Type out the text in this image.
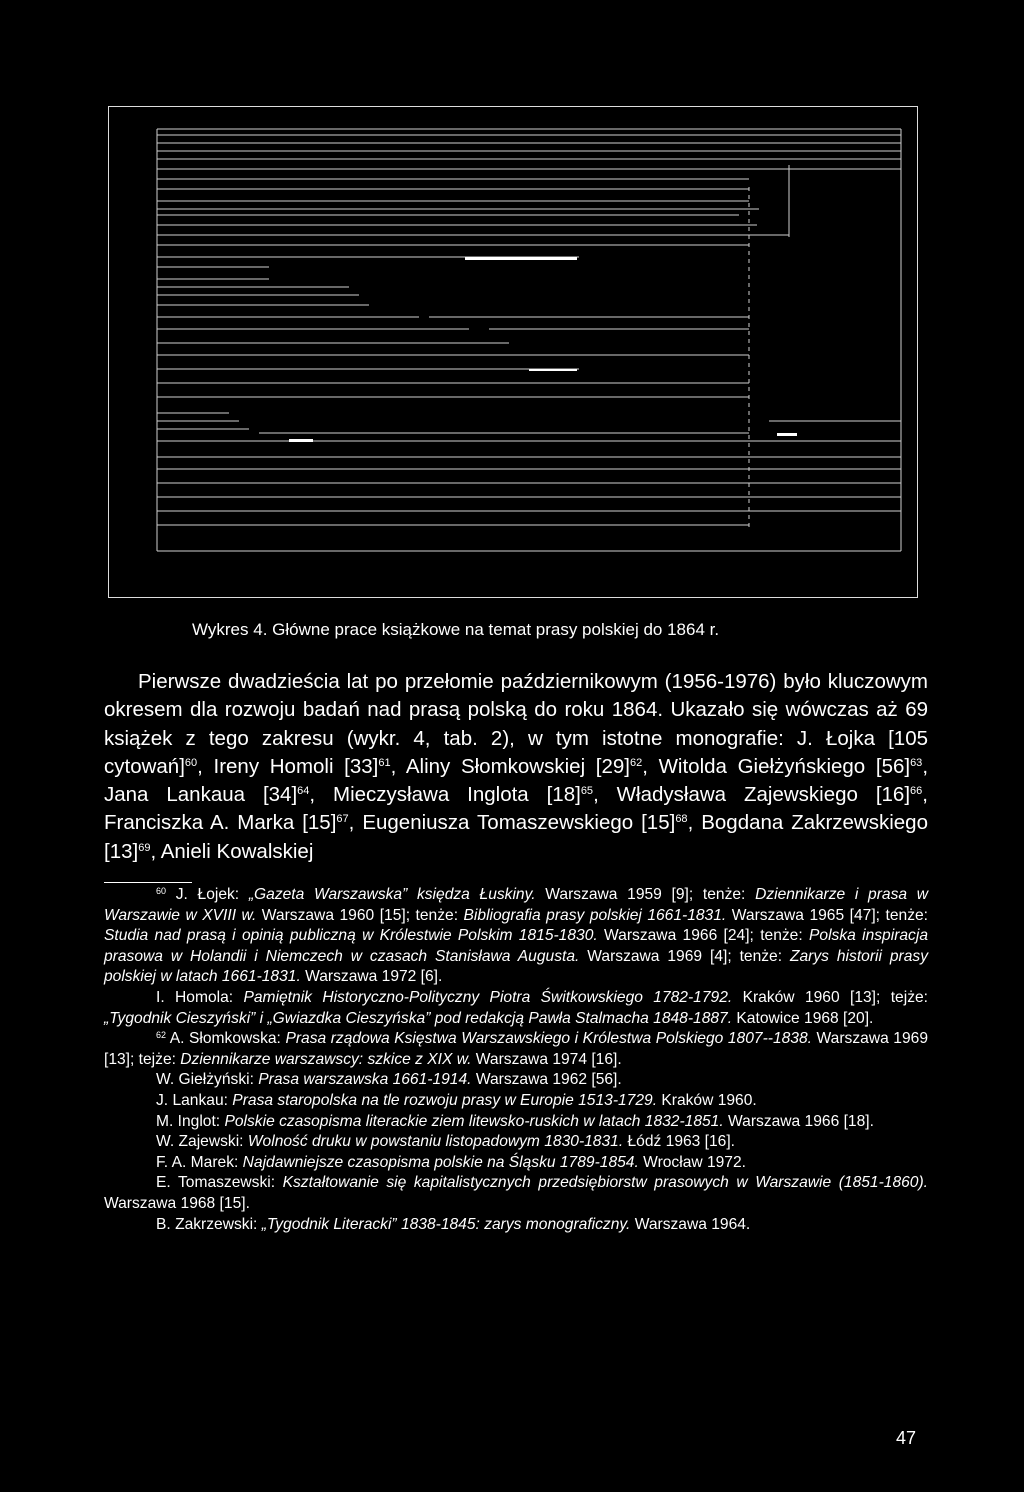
Wykres 4. Główne prace książkowe na temat prasy polskiej do 1864 r.

Pierwsze dwadzieścia lat po przełomie październikowym (1956-1976) było kluczowym okresem dla rozwoju badań nad prasą polską do roku 1864. Ukazało się wówczas aż 69 książek z tego zakresu (wykr. 4, tab. 2), w tym istotne monografie: J. Łojka [105 cytowań]$^{60}$, Ireny Homoli $[33]^{61}$, Aliny Słomkowskiej $[29]^{62}$, Witolda Giełżyńskiego $[56]^{63}$, Jana Lankaua $[34]^{64}$, Mieczysława Inglota $[18]^{65}$, Władysława Zajewskiego $[16]^{66}$, Franciszka A. Marka $[15]^{67}$, Eugeniusza Tomaszewskiego $[15]^{68}$, Bogdana Zakrzewskiego $[13]^{69}$, Anieli Kowalskiej

$^{60}$ J. Łojek: „Gazeta Warszawska” księdza Łuskiny. Warszawa 1959 [9]; tenże: Dziennikarze i prasa w Warszawie w XVIII w. Warszawa 1960 [15]; tenże: Bibliografia prasy polskiej 1661-1831. Warszawa 1965 [47]; tenże: Studia nad prasą i opinią publiczną w Królestwie Polskim 1815-1830. Warszawa 1966 [24]; tenże: Polska inspiracja prasowa w Holandii i Niemczech w czasach Stanisława Augusta. Warszawa 1969 [4]; tenże: Zarys historii prasy polskiej w latach 1661-1831. Warszawa 1972 [6].

I. Homola: Pamiętnik Historyczno-Polityczny Piotra Świtkowskiego 1782-1792. Kraków 1960 [13]; tejże: „Tygodnik Cieszyński” i „Gwiazdka Cieszyńska” pod redakcją Pawła Stalmacha 1848-1887. Katowice 1968 [20].

$^{62}$ A. Słomkowska: Prasa rządowa Księstwa Warszawskiego i Królestwa Polskiego 1807--1838. Warszawa 1969 [13]; tejże: Dziennikarze warszawscy: szkice z XIX w. Warszawa 1974 [16].

W. Giełżyński: Prasa warszawska 1661-1914. Warszawa 1962 [56].

J. Lankau: Prasa staropolska na tle rozwoju prasy w Europie 1513-1729. Kraków 1960.

M. Inglot: Polskie czasopisma literackie ziem litewsko-ruskich w latach 1832-1851. Warszawa 1966 [18].

W. Zajewski: Wolność druku w powstaniu listopadowym 1830-1831. Łódź 1963 [16].

F. A. Marek: Najdawniejsze czasopisma polskie na Śląsku 1789-1854. Wrocław 1972.

E. Tomaszewski: Kształtowanie się kapitalistycznych przedsiębiorstw prasowych w Warszawie (1851-1860). Warszawa 1968 [15].

B. Zakrzewski: „Tygodnik Literacki” 1838-1845: zarys monograficzny. Warszawa 1964.

47
